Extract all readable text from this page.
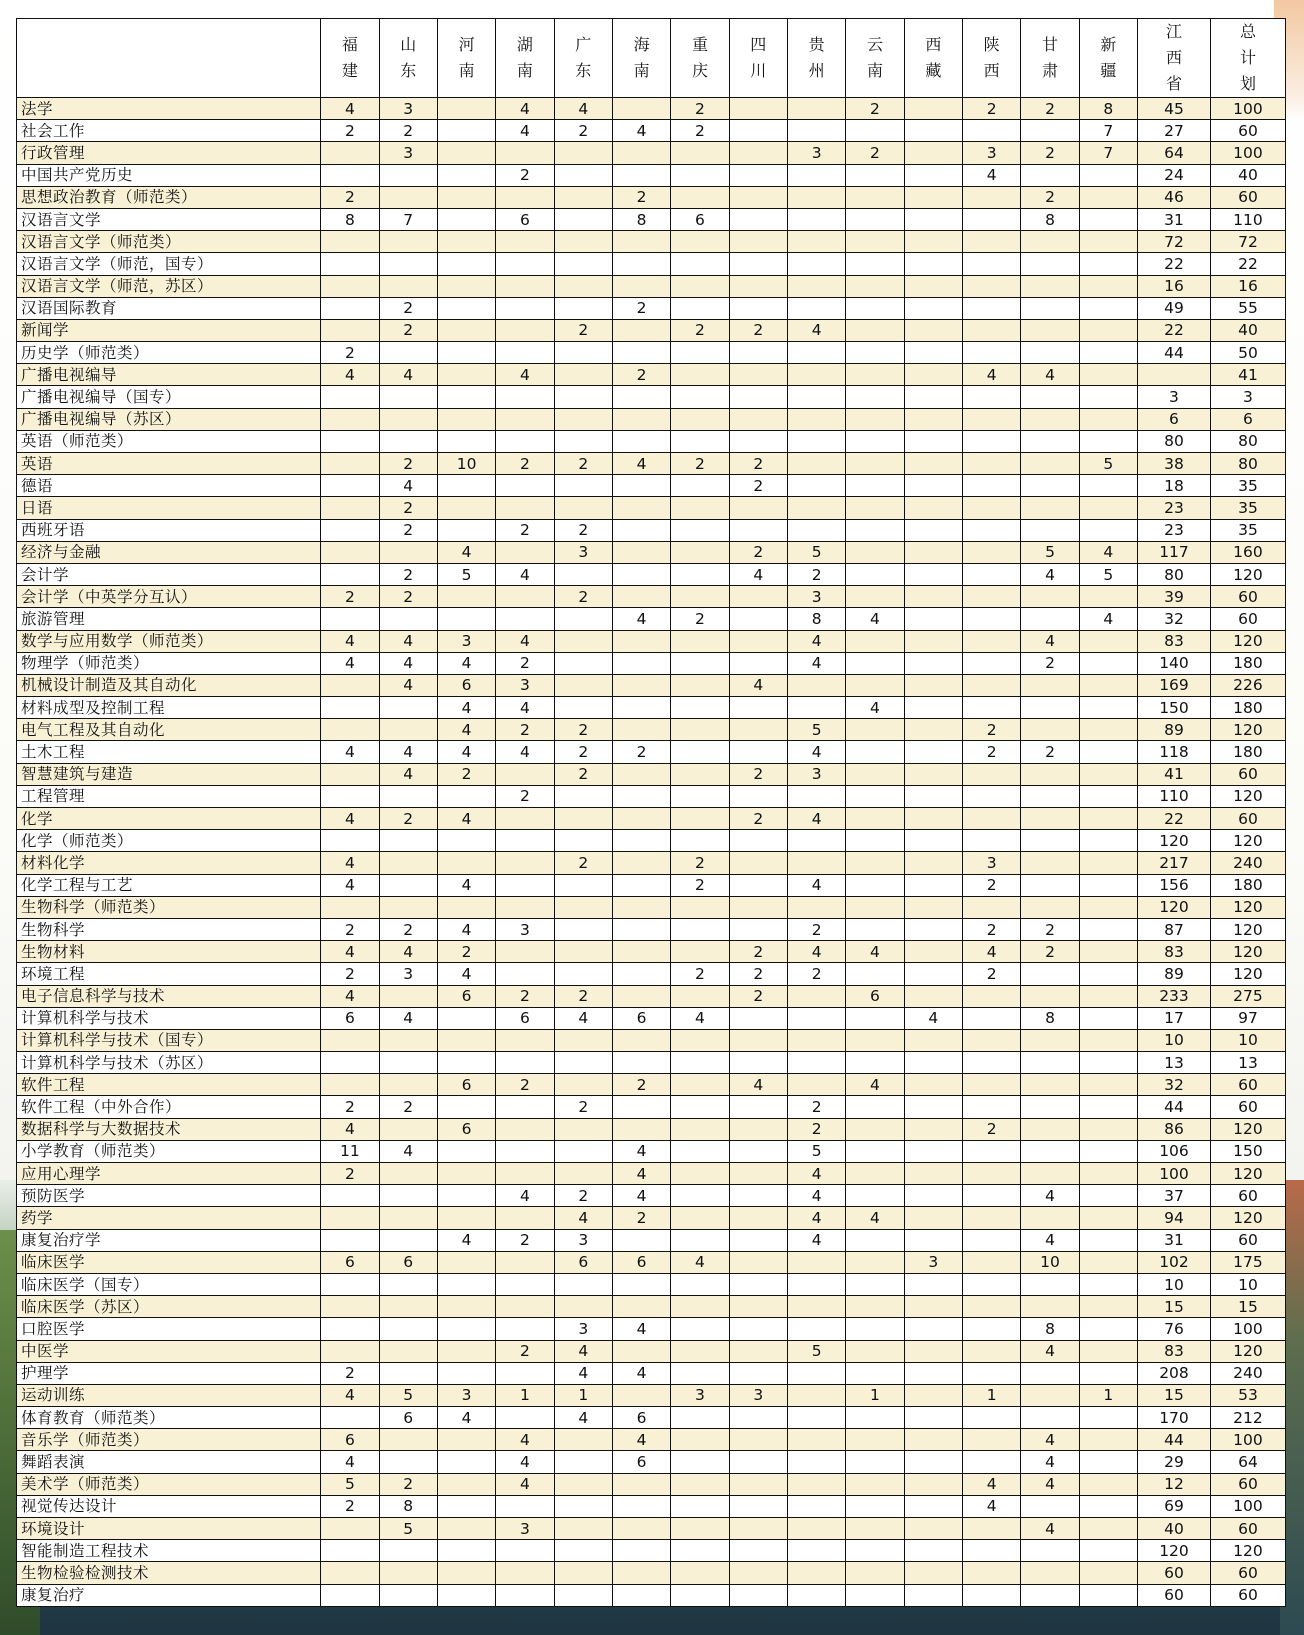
	福建	山东	河南	湖南	广东	海南	重庆	四川	贵州	云南	西藏	陕西	甘肃	新疆	江西省	总计划
法学	4	3		4	4		2			2		2	2	8	45	100
社会工作	2	2		4	2	4	2							7	27	60
行政管理		3							3	2		3	2	7	64	100
中国共产党历史				2								4			24	40
思想政治教育（师范类）	2					2							2		46	60
汉语言文学	8	7		6		8	6						8		31	110
汉语言文学（师范类）															72	72
汉语言文学（师范，国专）															22	22
汉语言文学（师范，苏区）															16	16
汉语国际教育		2				2									49	55
新闻学		2			2		2	2	4						22	40
历史学（师范类）	2														44	50
广播电视编导	4	4		4		2						4	4			41
广播电视编导（国专）															3	3
广播电视编导（苏区）															6	6
英语（师范类）															80	80
英语		2	10	2	2	4	2	2						5	38	80
德语		4						2							18	35
日语		2													23	35
西班牙语		2		2	2										23	35
经济与金融			4		3			2	5				5	4	117	160
会计学		2	5	4				4	2				4	5	80	120
会计学（中英学分互认）	2	2			2				3						39	60
旅游管理						4	2		8	4				4	32	60
数学与应用数学（师范类）	4	4	3	4					4				4		83	120
物理学（师范类）	4	4	4	2					4				2		140	180
机械设计制造及其自动化		4	6	3				4							169	226
材料成型及控制工程			4	4						4					150	180
电气工程及其自动化			4	2	2				5			2			89	120
土木工程	4	4	4	4	2	2			4			2	2		118	180
智慧建筑与建造		4	2		2			2	3						41	60
工程管理				2											110	120
化学	4	2	4					2	4						22	60
化学（师范类）															120	120
材料化学	4				2		2					3			217	240
化学工程与工艺	4		4				2		4			2			156	180
生物科学（师范类）															120	120
生物科学	2	2	4	3					2			2	2		87	120
生物材料	4	4	2					2	4	4		4	2		83	120
环境工程	2	3	4				2	2	2			2			89	120
电子信息科学与技术	4		6	2	2			2		6					233	275
计算机科学与技术	6	4		6	4	6	4				4		8		17	97
计算机科学与技术（国专）															10	10
计算机科学与技术（苏区）															13	13
软件工程			6	2		2		4		4					32	60
软件工程（中外合作）	2	2			2				2						44	60
数据科学与大数据技术	4		6						2			2			86	120
小学教育（师范类）	11	4				4			5						106	150
应用心理学	2					4			4						100	120
预防医学				4	2	4			4				4		37	60
药学					4	2			4	4					94	120
康复治疗学			4	2	3				4				4		31	60
临床医学	6	6			6	6	4				3		10		102	175
临床医学（国专）															10	10
临床医学（苏区）															15	15
口腔医学					3	4							8		76	100
中医学				2	4				5				4		83	120
护理学	2				4	4									208	240
运动训练	4	5	3	1	1		3	3		1		1		1	15	53
体育教育（师范类）		6	4		4	6									170	212
音乐学（师范类）	6			4		4							4		44	100
舞蹈表演	4			4		6							4		29	64
美术学（师范类）	5	2		4								4	4		12	60
视觉传达设计	2	8										4			69	100
环境设计		5		3									4		40	60
智能制造工程技术															120	120
生物检验检测技术															60	60
康复治疗															60	60
